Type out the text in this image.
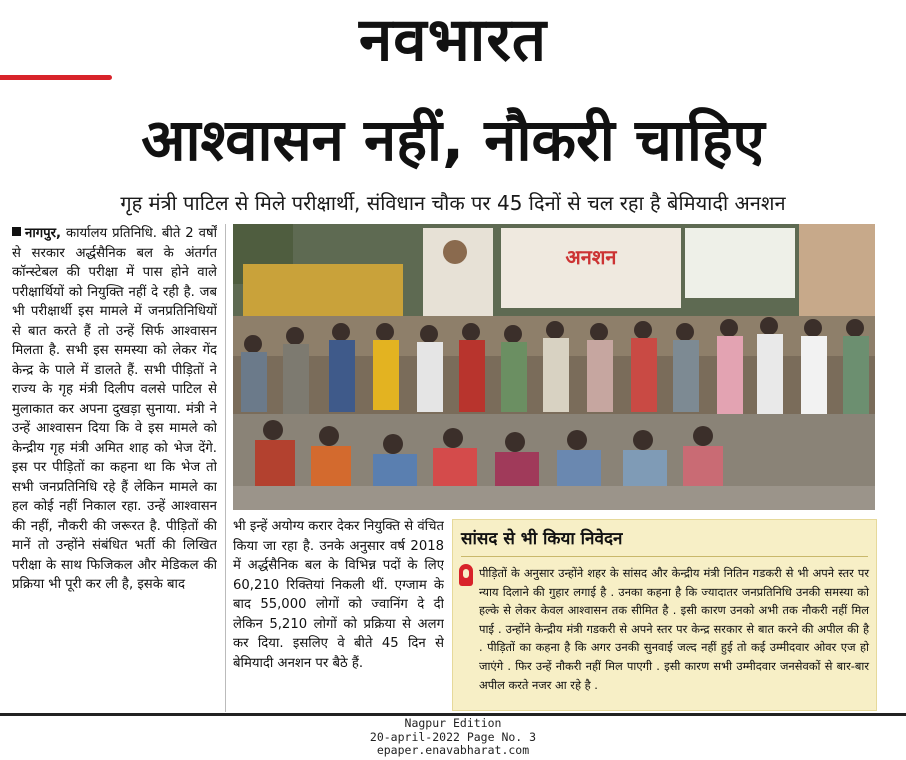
नवभारत
आश्वासन नहीं, नौकरी चाहिए
गृह मंत्री पाटिल से मिले परीक्षार्थी, संविधान चौक पर 45 दिनों से चल रहा है बेमियादी अनशन
नागपुर, कार्यालय प्रतिनिधि. बीते 2 वर्षों से सरकार अर्द्धसैनिक बल के अंतर्गत कॉन्स्टेबल की परीक्षा में पास होने वाले परीक्षार्थियों को नियुक्ति नहीं दे रही है. जब भी परीक्षार्थी इस मामले में जनप्रतिनिधियों से बात करते हैं तो उन्हें सिर्फ आश्वासन मिलता है. सभी इस समस्या को लेकर गेंद केन्द्र के पाले में डालते हैं. सभी पीड़ितों ने राज्य के गृह मंत्री दिलीप वलसे पाटिल से मुलाकात कर अपना दुखड़ा सुनाया. मंत्री ने उन्हें आश्वासन दिया कि वे इस मामले को केन्द्रीय गृह मंत्री अमित शाह को भेज देंगे. इस पर पीड़ितों का कहना था कि भेज तो सभी जनप्रतिनिधि रहे हैं लेकिन मामले का हल कोई नहीं निकाल रहा. उन्हें आश्वासन की नहीं, नौकरी की जरूरत है. पीड़ितों की मानें तो उन्होंने संबंधित भर्ती की लिखित परीक्षा के साथ फिजिकल और मेडिकल की प्रक्रिया भी पूरी कर ली है, इसके बाद
अनशन
भी इन्हें अयोग्य करार देकर नियुक्ति से वंचित किया जा रहा है. उनके अनुसार वर्ष 2018 में अर्द्धसैनिक बल के विभिन्न पदों के लिए 60,210 रिक्तियां निकली थीं. एग्जाम के बाद 55,000 लोगों को ज्वानिंग दे दी लेकिन 5,210 लोगों को प्रक्रिया से अलग कर दिया. इसलिए वे बीते 45 दिन से बेमियादी अनशन पर बैठे हैं.
सांसद से भी किया निवेदन
पीड़ितों के अनुसार उन्होंने शहर के सांसद और केन्द्रीय मंत्री नितिन गडकरी से भी अपने स्तर पर न्याय दिलाने की गुहार लगाई है . उनका कहना है कि ज्यादातर जनप्रतिनिधि उनकी समस्या को हल्के से लेकर केवल आश्वासन तक सीमित है . इसी कारण उनको अभी तक नौकरी नहीं मिल पाई . उन्होंने केन्द्रीय मंत्री गडकरी से अपने स्तर पर केन्द्र सरकार से बात करने की अपील की है . पीड़ितों का कहना है कि अगर उनकी सुनवाई जल्द नहीं हुई तो कई उम्मीदवार ओवर एज हो जाएंगे . फिर उन्हें नौकरी नहीं मिल पाएगी . इसी कारण सभी उम्मीदवार जनसेवकों से बार-बार अपील करते नजर आ रहे है .
Nagpur Edition
20-april-2022 Page No. 3
epaper.enavabharat.com
